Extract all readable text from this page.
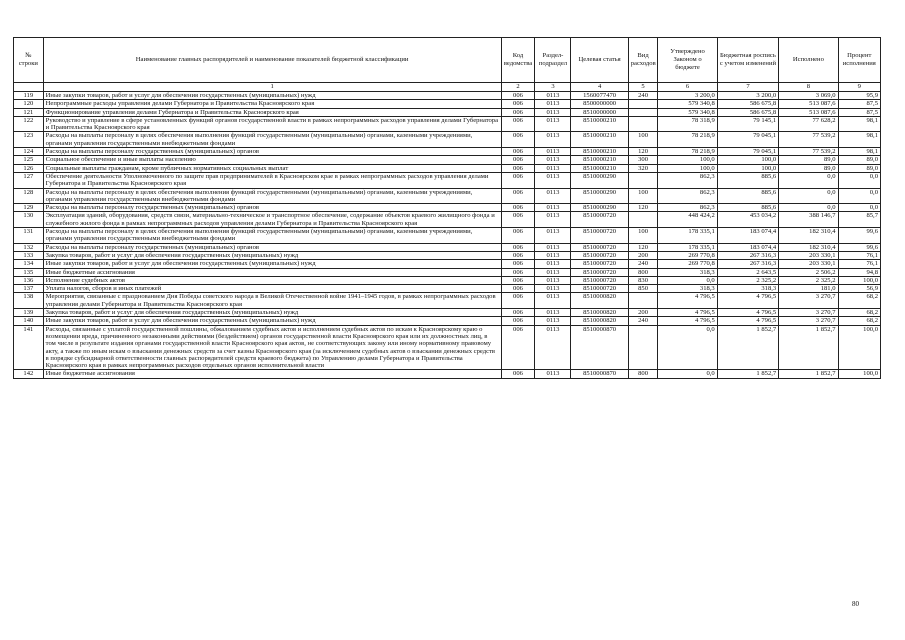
№ строки	Наименование главных распорядителей и наименование показателей бюджетной классификации	Код ведомства	Раздел-подраздел	Целевая статья	Вид расходов	Утверждено Законом о бюджете	Бюджетная роспись с учетом изменений	Исполнено	Процент исполнения
	1	2	3	4	5	6	7	8	9
119	Иные закупки товаров, работ и услуг для обеспечения государственных (муниципальных) нужд	006	0113	1560077470	240	3 200,0	3 200,0	3 069,0	95,9
120	Непрограммные расходы управления делами Губернатора и Правительства Красноярского края	006	0113	8500000000		579 340,8	586 675,8	513 087,6	87,5
121	Функционирование управления делами Губернатора и Правительства Красноярского края	006	0113	8510000000		579 340,8	586 675,8	513 087,6	87,5
122	Руководство и управление в сфере установленных функций органов государственной власти в рамках непрограммных расходов управления делами Губернатора и Правительства Красноярского края	006	0113	8510000210		78 318,9	79 145,1	77 628,2	98,1
123	Расходы на выплаты персоналу в целях обеспечения выполнения функций государственными (муниципальными) органами, казенными учреждениями, органами управления государственными внебюджетными фондами	006	0113	8510000210	100	78 218,9	79 045,1	77 539,2	98,1
124	Расходы на выплаты персоналу государственных (муниципальных) органов	006	0113	8510000210	120	78 218,9	79 045,1	77 539,2	98,1
125	Социальное обеспечение и иные выплаты населению	006	0113	8510000210	300	100,0	100,0	89,0	89,0
126	Социальные выплаты гражданам, кроме публичных нормативных социальных выплат	006	0113	8510000210	320	100,0	100,0	89,0	89,0
127	Обеспечение деятельности Уполномоченного по защите прав предпринимателей в Красноярском крае в рамках непрограммных расходов управления делами Губернатора и Правительства Красноярского края	006	0113	8510000290		862,3	885,6	0,0	0,0
128	Расходы на выплаты персоналу в целях обеспечения выполнения функций государственными (муниципальными) органами, казенными учреждениями, органами управления государственными внебюджетными фондами	006	0113	8510000290	100	862,3	885,6	0,0	0,0
129	Расходы на выплаты персоналу государственных (муниципальных) органов	006	0113	8510000290	120	862,3	885,6	0,0	0,0
130	Эксплуатация зданий, оборудования, средств связи, материально-техническое и транспортное обеспечение, содержание объектов краевого жилищного фонда и служебного жилого фонда в рамках непрограммных расходов управления делами Губернатора и Правительства Красноярского края	006	0113	8510000720		448 424,2	453 034,2	388 146,7	85,7
131	Расходы на выплаты персоналу в целях обеспечения выполнения функций государственными (муниципальными) органами, казенными учреждениями, органами управления государственными внебюджетными фондами	006	0113	8510000720	100	178 335,1	183 074,4	182 310,4	99,6
132	Расходы на выплаты персоналу государственных (муниципальных) органов	006	0113	8510000720	120	178 335,1	183 074,4	182 310,4	99,6
133	Закупка товаров, работ и услуг для обеспечения государственных (муниципальных) нужд	006	0113	8510000720	200	269 770,8	267 316,3	203 330,1	76,1
134	Иные закупки товаров, работ и услуг для обеспечения государственных (муниципальных) нужд	006	0113	8510000720	240	269 770,8	267 316,3	203 330,1	76,1
135	Иные бюджетные ассигнования	006	0113	8510000720	800	318,3	2 643,5	2 506,2	94,8
136	Исполнение судебных актов	006	0113	8510000720	830	0,0	2 325,2	2 325,2	100,0
137	Уплата налогов, сборов и иных платежей	006	0113	8510000720	850	318,3	318,3	181,0	56,9
138	Мероприятия, связанные с празднованием Дня Победы советского народа в Великой Отечественной войне 1941–1945 годов, в рамках непрограммных расходов управления делами Губернатора и Правительства Красноярского края	006	0113	8510000820		4 796,5	4 796,5	3 270,7	68,2
139	Закупка товаров, работ и услуг для обеспечения государственных (муниципальных) нужд	006	0113	8510000820	200	4 796,5	4 796,5	3 270,7	68,2
140	Иные закупки товаров, работ и услуг для обеспечения государственных (муниципальных) нужд	006	0113	8510000820	240	4 796,5	4 796,5	3 270,7	68,2
141	Расходы, связанные с уплатой государственной пошлины, обжалованием судебных актов и исполнением судебных актов по искам к Красноярскому краю о возмещении вреда, причиненного незаконными действиями (бездействием) органов государственной власти Красноярского края или их должностных лиц, в том числе в результате издания органами государственной власти Красноярского края актов, не соответствующих закону или иному нормативному правовому акту, а также по иным искам о взыскании денежных средств за счет казны Красноярского края (за исключением судебных актов о взыскании денежных средств в порядке субсидиарной ответственности главных распорядителей средств краевого бюджета) по Управлению делами Губернатора и Правительства Красноярского края в рамках непрограммных расходов отдельных органов исполнительной власти	006	0113	8510000870		0,0	1 852,7	1 852,7	100,0
142	Иные бюджетные ассигнования	006	0113	8510000870	800	0,0	1 852,7	1 852,7	100,0
80
